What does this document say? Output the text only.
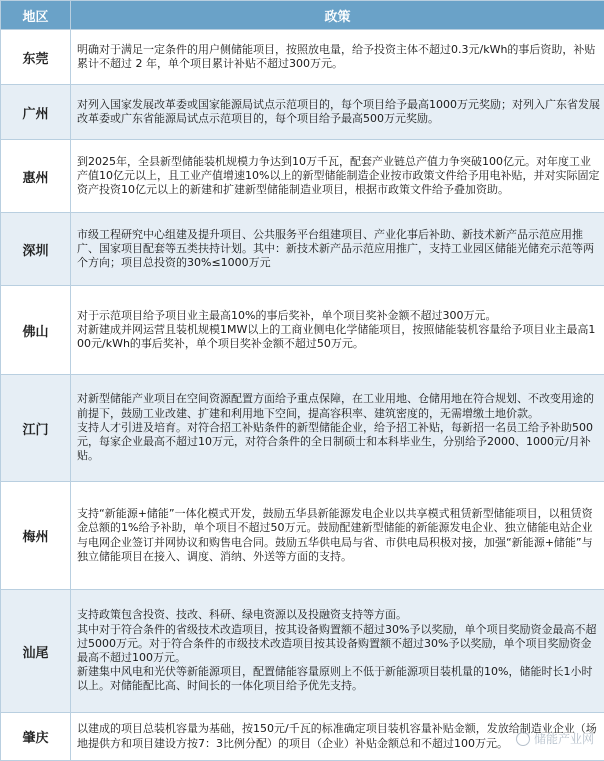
地区	政策
东莞	明确对于满足一定条件的用户侧储能项目，按照放电量，给予投资主体不超过0.3元/kWh的事后资助，补贴累计不超过 2 年，单个项目累计补贴不超过300万元。

广州	对列入国家发展改革委或国家能源局试点示范项目的，每个项目给予最高1000万元奖励；对列入广东省发展改革委或广东省能源局试点示范项目的，每个项目给予最高500万元奖励。

惠州	到2025年，全县新型储能装机规模力争达到10万千瓦，配套产业链总产值力争突破100亿元。对年度工业产值10亿元以上，且工业产值增速10%以上的新型储能制造企业按市政策文件给予用电补贴，并对实际固定资产投资10亿元以上的新建和扩建新型储能制造业项目，根据市政策文件给予叠加资助。

深圳	市级工程研究中心组建及提升项目、公共服务平台组建项目、产业化事后补助、新技术新产品示范应用推广、国家项目配套等五类扶持计划。其中：新技术新产品示范应用推广，支持工业园区储能光储充示范等两个方向；项目总投资的30%≤1000万元

佛山	对于示范项目给予项目业主最高10%的事后奖补，单个项目奖补金额不超过300万元。
对新建成并网运营且装机规模1MW以上的工商业侧电化学储能项目，按照储能装机容量给予项目业主最高100元/kWh的事后奖补，单个项目奖补金额不超过50万元。

江门	对新型储能产业项目在空间资源配置方面给予重点保障，在工业用地、仓储用地在符合规划、不改变用途的前提下，鼓励工业改建、扩建和利用地下空间，提高容积率、建筑密度的，无需增缴土地价款。
支持人才引进及培育。对符合招工补贴条件的新型储能企业，给予招工补贴，每新招一名员工给予补助500元，每家企业最高不超过10万元，对符合条件的全日制硕士和本科毕业生，分别给予2000、1000元/月补贴。

梅州	支持“新能源+储能”一体化模式开发，鼓励五华县新能源发电企业以共享模式租赁新型储能项目，以租赁资金总额的1%给予补助，单个项目不超过50万元。鼓励配建新型储能的新能源发电企业、独立储能电站企业与电网企业签订并网协议和购售电合同。鼓励五华供电局与省、市供电局积极对接，加强“新能源+储能”与独立储能项目在接入、调度、消纳、外送等方面的支持。

汕尾	支持政策包含投资、技改、科研、绿电资源以及投融资支持等方面。
其中对于符合条件的省级技术改造项目，按其设备购置额不超过30%予以奖励，单个项目奖励资金最高不超过5000万元。对于符合条件的市级技术改造项目按其设备购置额不超过30%予以奖励，单个项目奖励资金最高不超过100万元。
新建集中风电和光伏等新能源项目，配置储能容量原则上不低于新能源项目装机量的10%，储能时长1小时以上。对储能配比高、时间长的一体化项目给予优先支持。

肇庆	以建成的项目总装机容量为基础，按150元/千瓦的标准确定项目装机容量补贴金额，发放给制造业企业（场地提供方和项目建设方按7：3比例分配）的项目（企业）补贴金额总和不超过100万元。	储能产业网
